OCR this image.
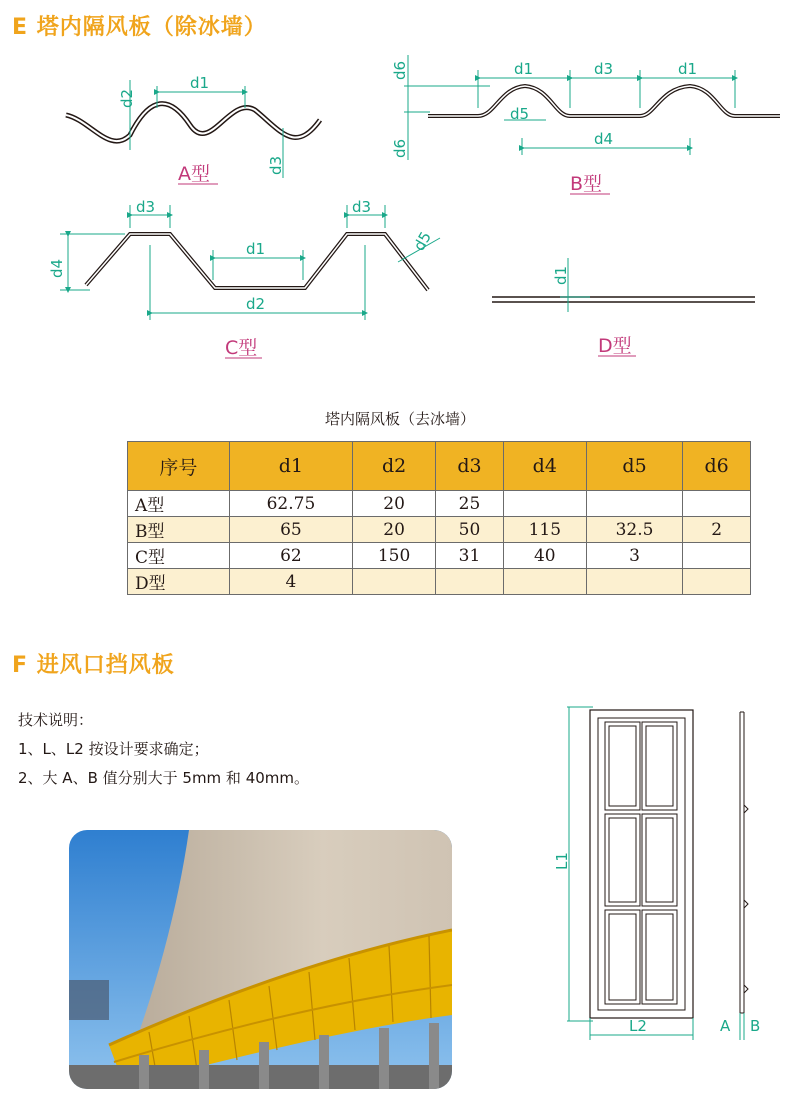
E 塔内隔风板（除冰墙）
d1
d2
d3
A型
d6	d1	d3	d1
d5
d4
d6
B型
d3	d3
d4
d5
d1
d2
C型
d1
D型
塔内隔风板（去冰墙）
序号	d1	d2	d3	d4	d5	d6
A型	62.75	20	25			
B型	65	20	50	115	32.5	2
C型	62	150	31	40	3	
D型	4					
F 进风口挡风板
技术说明：
1、L、L2 按设计要求确定；
2、大 A、B 值分别大于 5mm 和 40mm。
L1
L2	A B
